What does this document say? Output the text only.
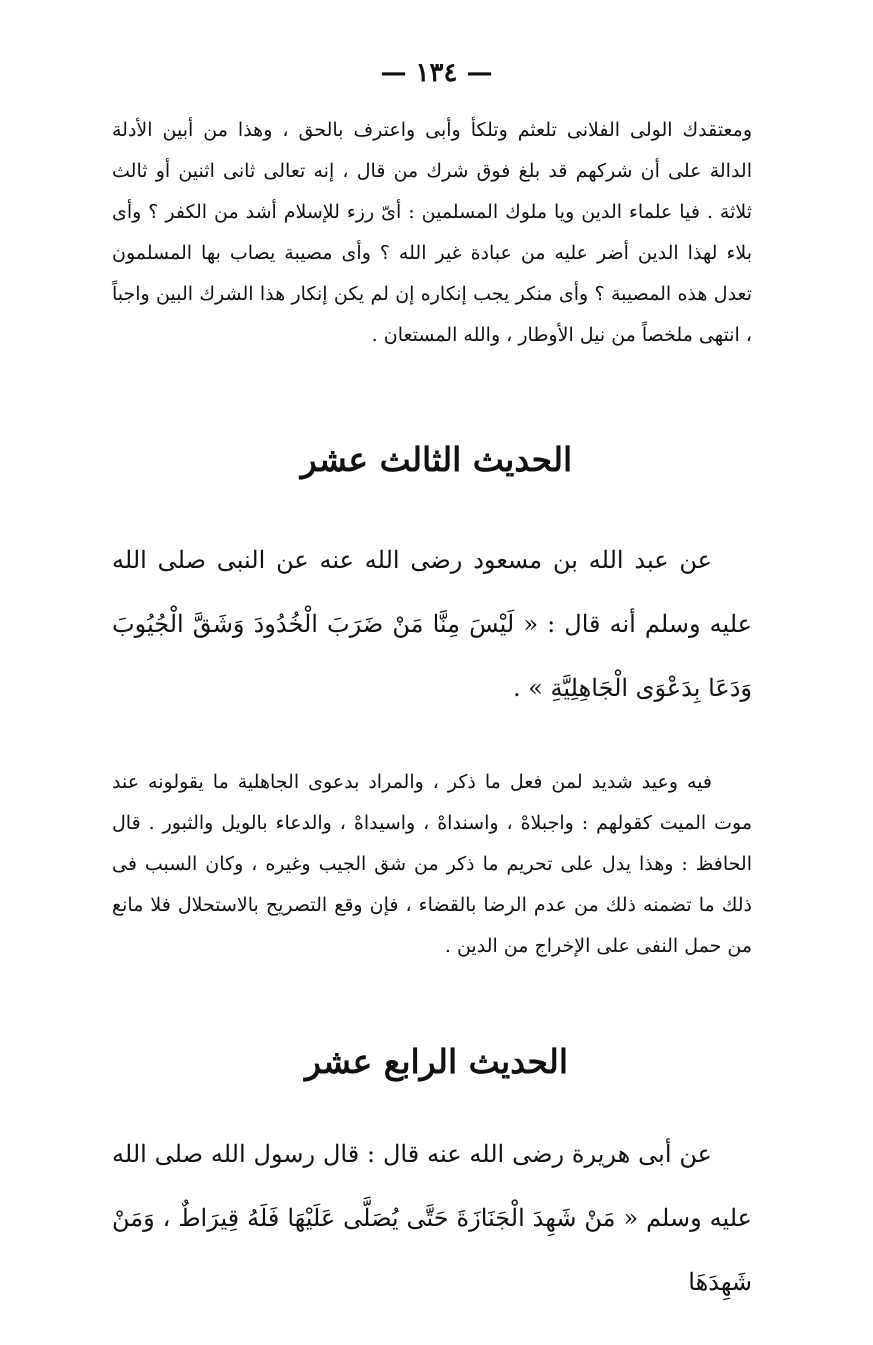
— ١٣٤ —

ومعتقدك الولى الفلانى تلعثم وتلكأ وأبى واعترف بالحق ، وهذا من أبين الأدلة الدالة على أن شركهم قد بلغ فوق شرك من قال ، إنه تعالى ثانى اثنين أو ثالث ثلاثة . فيا علماء الدين ويا ملوك المسلمين : أىّ رزء للإسلام أشد من الكفر ؟ وأى بلاء لهذا الدين أضر عليه من عبادة غير الله ؟ وأى مصيبة يصاب بها المسلمون تعدل هذه المصيبة ؟ وأى منكر يجب إنكاره إن لم يكن إنكار هذا الشرك البين واجباً ، انتهى ملخصاً من نيل الأوطار ، والله المستعان .

الحديث الثالث عشر

عن عبد الله بن مسعود رضى الله عنه عن النبى صلى الله عليه وسلم أنه قال : « لَيْسَ مِنَّا مَنْ ضَرَبَ الْخُدُودَ وَشَقَّ الْجُيُوبَ وَدَعَا بِدَعْوَى الْجَاهِلِيَّةِ » .

فيه وعيد شديد لمن فعل ما ذكر ، والمراد بدعوى الجاهلية ما يقولونه عند موت الميت كقولهم : واجبلاهْ ، واسنداهْ ، واسيداهْ ، والدعاء بالويل والثبور . قال الحافظ : وهذا يدل على تحريم ما ذكر من شق الجيب وغيره ، وكان السبب فى ذلك ما تضمنه ذلك من عدم الرضا بالقضاء ، فإن وقع التصريح بالاستحلال فلا مانع من حمل النفى على الإخراج من الدين .

الحديث الرابع عشر

عن أبى هريرة رضى الله عنه قال : قال رسول الله صلى الله عليه وسلم « مَنْ شَهِدَ الْجَنَازَةَ حَتَّى يُصَلَّى عَلَيْهَا فَلَهُ قِيرَاطٌ ، وَمَنْ شَهِدَهَا
